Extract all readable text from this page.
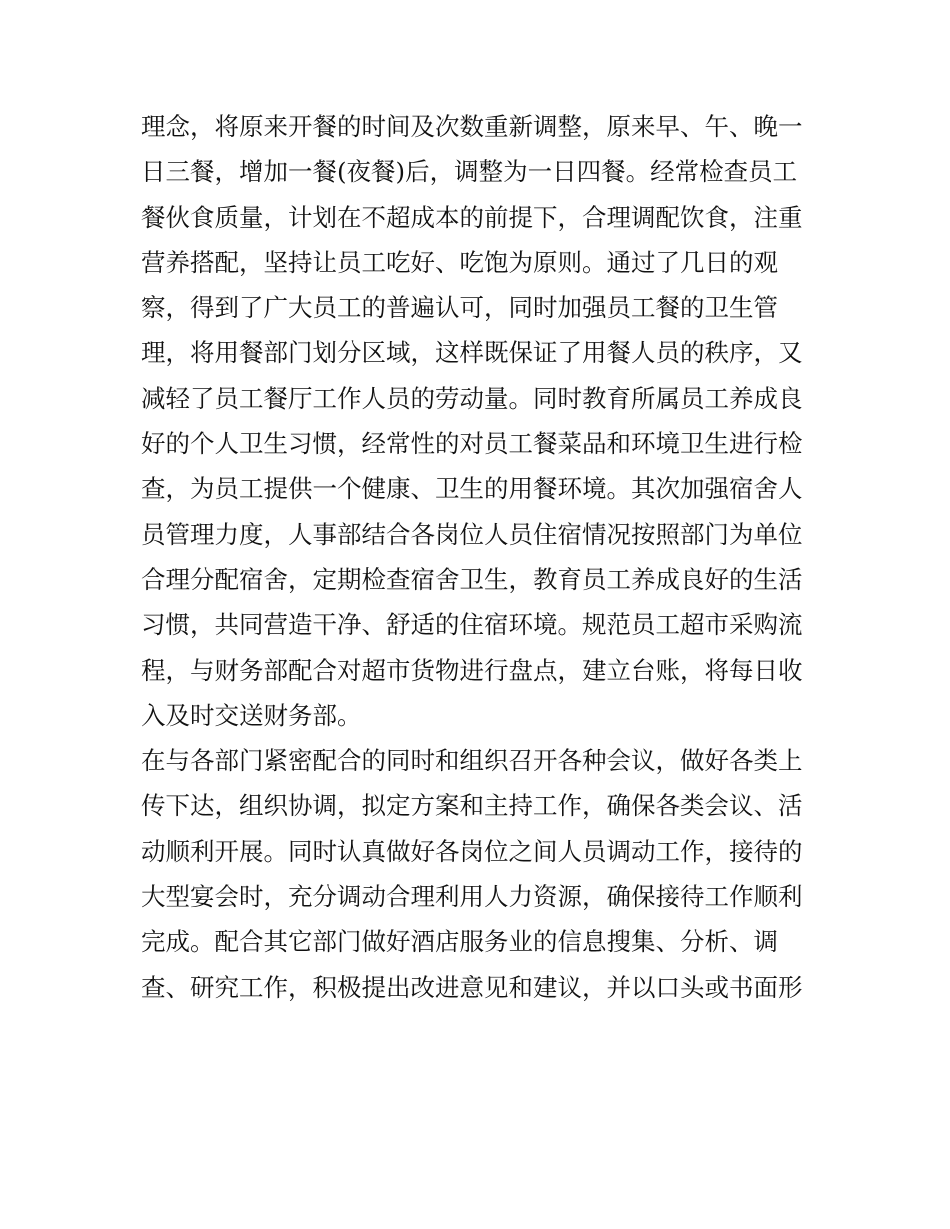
理念，将原来开餐的时间及次数重新调整，原来早、午、晚一
日三餐，增加一餐(夜餐)后，调整为一日四餐。经常检查员工
餐伙食质量，计划在不超成本的前提下，合理调配饮食，注重
营养搭配，坚持让员工吃好、吃饱为原则。通过了几日的观
察，得到了广大员工的普遍认可，同时加强员工餐的卫生管
理，将用餐部门划分区域，这样既保证了用餐人员的秩序，又
减轻了员工餐厅工作人员的劳动量。同时教育所属员工养成良
好的个人卫生习惯，经常性的对员工餐菜品和环境卫生进行检
查，为员工提供一个健康、卫生的用餐环境。其次加强宿舍人
员管理力度，人事部结合各岗位人员住宿情况按照部门为单位
合理分配宿舍，定期检查宿舍卫生，教育员工养成良好的生活
习惯，共同营造干净、舒适的住宿环境。规范员工超市采购流
程，与财务部配合对超市货物进行盘点，建立台账，将每日收
入及时交送财务部。
在与各部门紧密配合的同时和组织召开各种会议，做好各类上
传下达，组织协调，拟定方案和主持工作，确保各类会议、活
动顺利开展。同时认真做好各岗位之间人员调动工作，接待的
大型宴会时，充分调动合理利用人力资源，确保接待工作顺利
完成。配合其它部门做好酒店服务业的信息搜集、分析、调
查、研究工作，积极提出改进意见和建议，并以口头或书面形
